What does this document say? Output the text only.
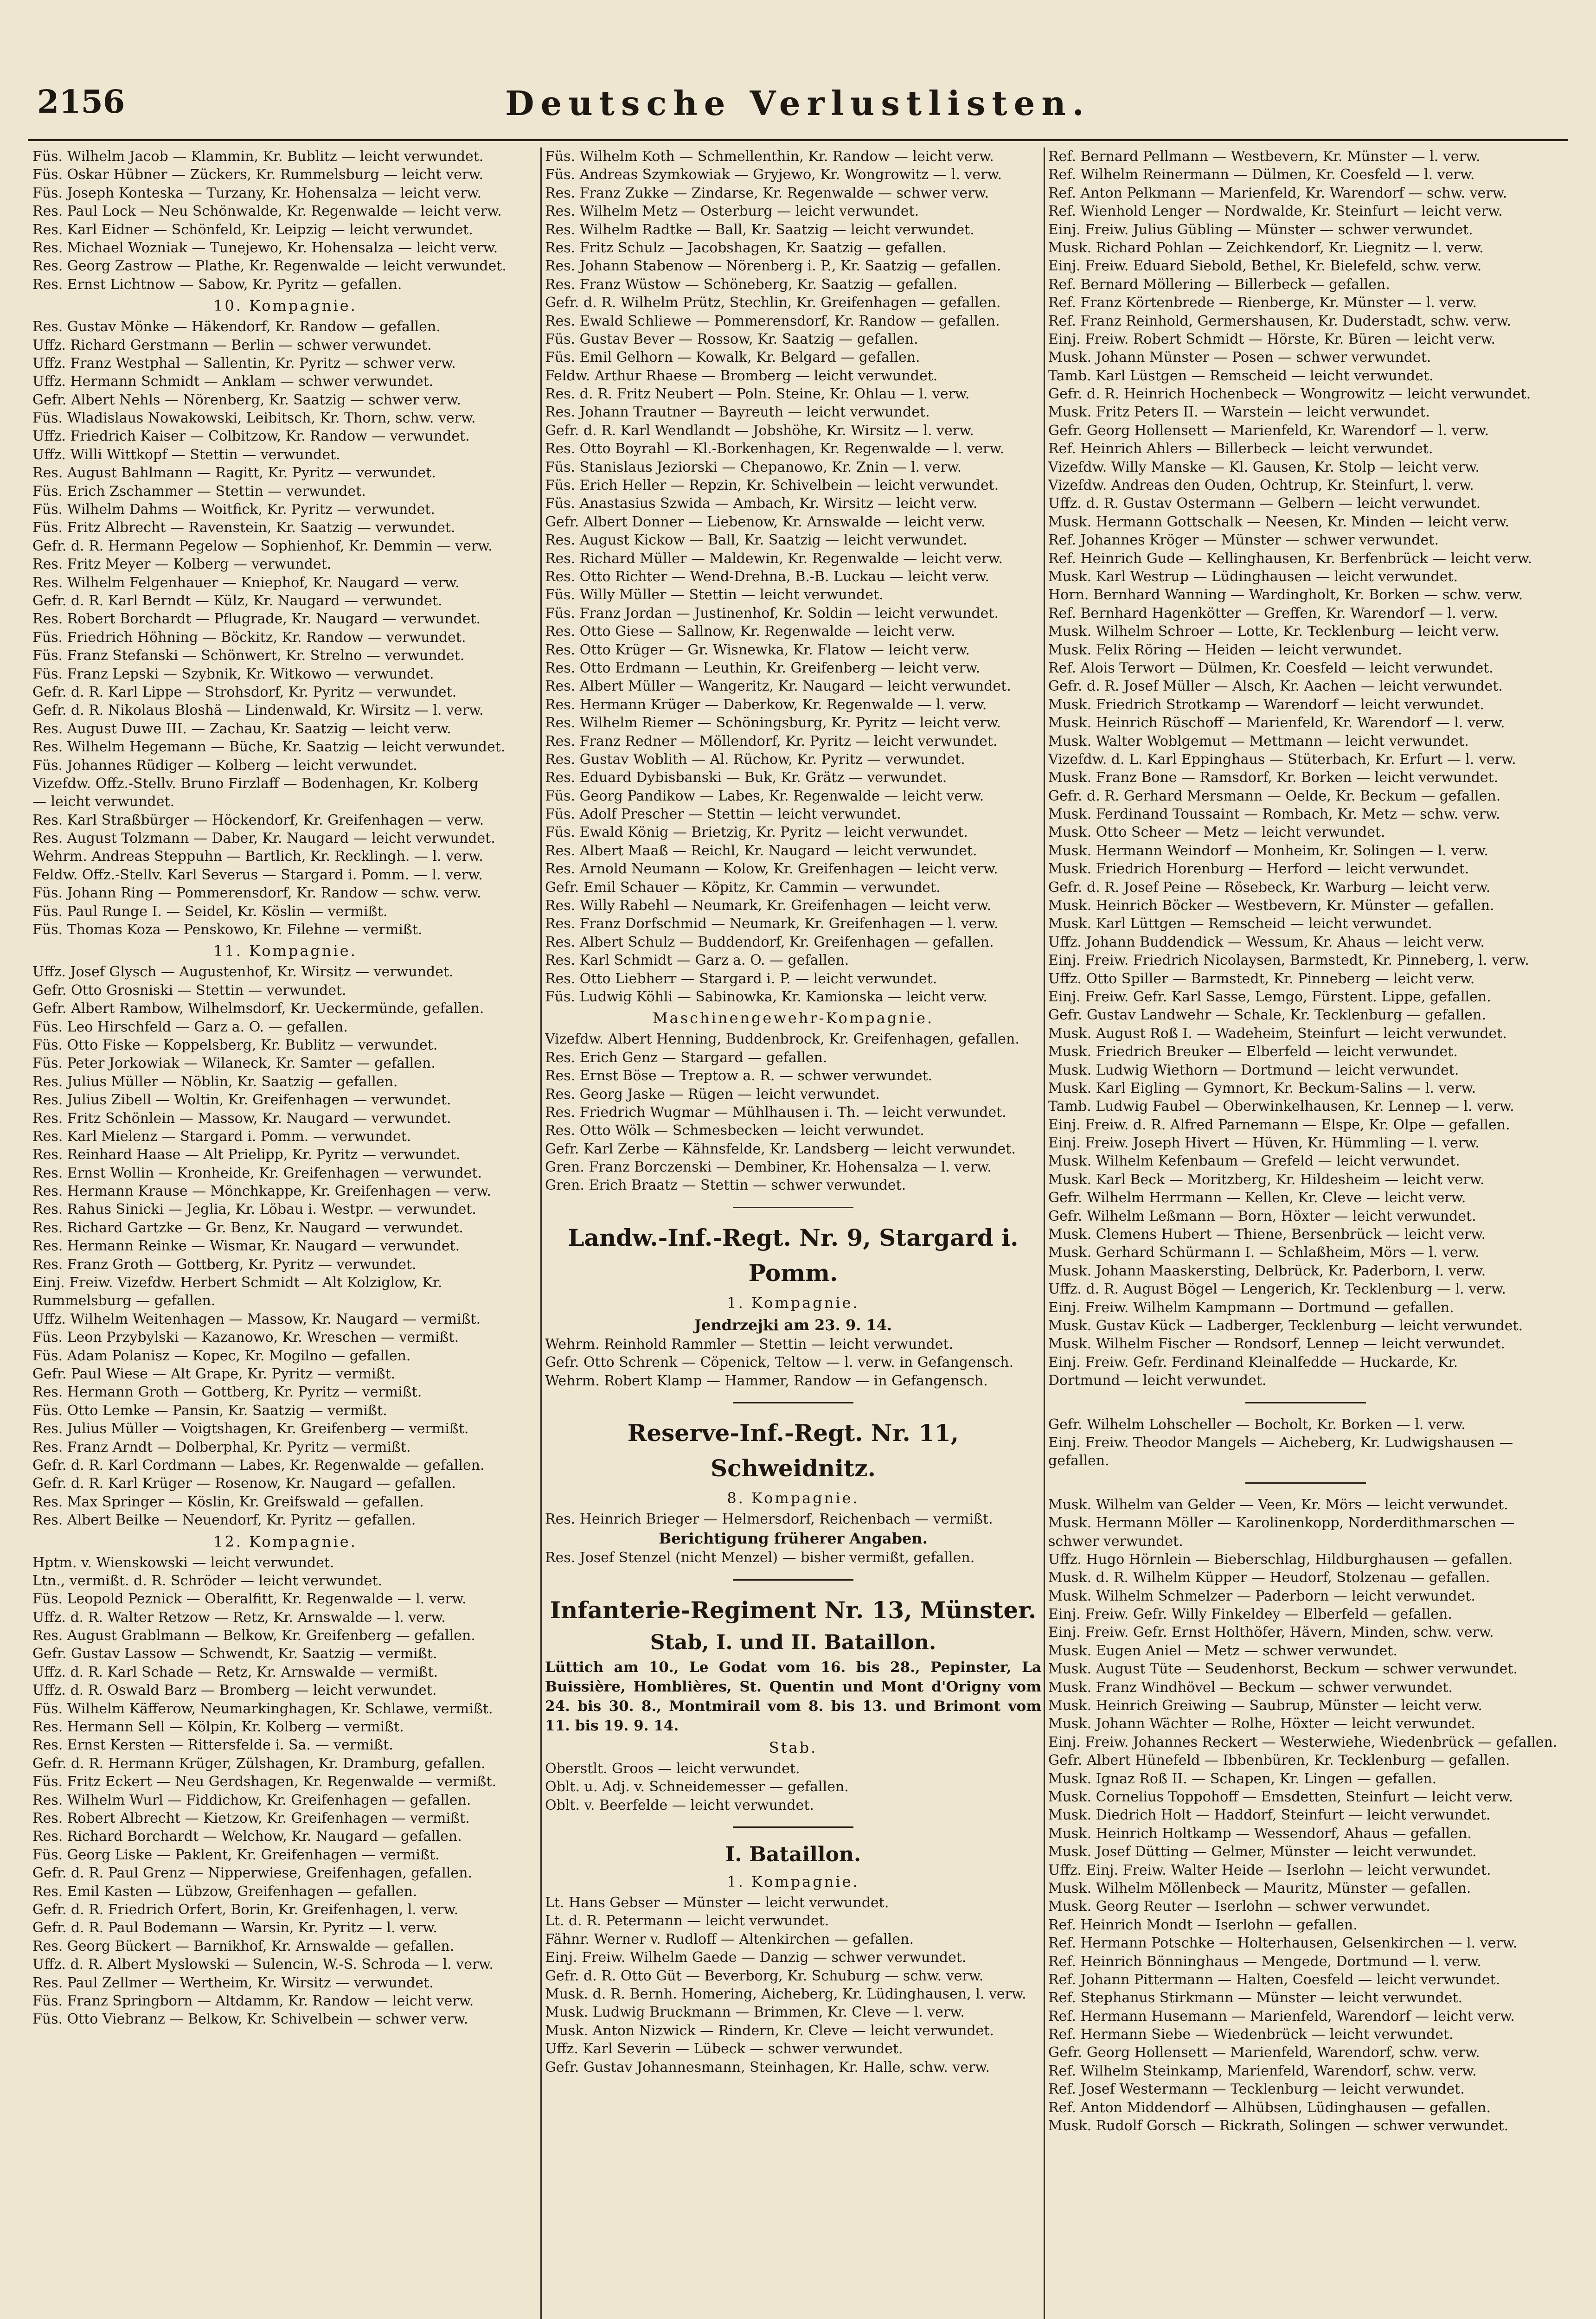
2156	Deutsche Verlustlisten.
Füs. Wilhelm Jacob — Klammin, Kr. Bublitz — leicht verwundet.
Füs. Oskar Hübner — Zückers, Kr. Rummelsburg — leicht verw.
Füs. Joseph Konteska — Turzany, Kr. Hohensalza — leicht verw.
Res. Paul Lock — Neu Schönwalde, Kr. Regenwalde — leicht verw.
Res. Karl Eidner — Schönfeld, Kr. Leipzig — leicht verwundet.
Res. Michael Wozniak — Tunejewo, Kr. Hohensalza — leicht verw.
Res. Georg Zastrow — Plathe, Kr. Regenwalde — leicht verwundet.
Res. Ernst Lichtnow — Sabow, Kr. Pyritz — gefallen.
10. Kompagnie.
Res. Gustav Mönke — Häkendorf, Kr. Randow — gefallen.
Uffz. Richard Gerstmann — Berlin — schwer verwundet.
Uffz. Franz Westphal — Sallentin, Kr. Pyritz — schwer verw.
Uffz. Hermann Schmidt — Anklam — schwer verwundet.
Gefr. Albert Nehls — Nörenberg, Kr. Saatzig — schwer verw.
Füs. Wladislaus Nowakowski, Leibitsch, Kr. Thorn, schw. verw.
Uffz. Friedrich Kaiser — Colbitzow, Kr. Randow — verwundet.
Uffz. Willi Wittkopf — Stettin — verwundet.
Res. August Bahlmann — Ragitt, Kr. Pyritz — verwundet.
Füs. Erich Zschammer — Stettin — verwundet.
Füs. Wilhelm Dahms — Woitfick, Kr. Pyritz — verwundet.
Füs. Fritz Albrecht — Ravenstein, Kr. Saatzig — verwundet.
Gefr. d. R. Hermann Pegelow — Sophienhof, Kr. Demmin — verw.
Res. Fritz Meyer — Kolberg — verwundet.
Res. Wilhelm Felgenhauer — Kniephof, Kr. Naugard — verw.
Gefr. d. R. Karl Berndt — Külz, Kr. Naugard — verwundet.
Res. Robert Borchardt — Pflugrade, Kr. Naugard — verwundet.
Füs. Friedrich Höhning — Böckitz, Kr. Randow — verwundet.
Füs. Franz Stefanski — Schönwert, Kr. Strelno — verwundet.
Füs. Franz Lepski — Szybnik, Kr. Witkowo — verwundet.
Gefr. d. R. Karl Lippe — Strohsdorf, Kr. Pyritz — verwundet.
Gefr. d. R. Nikolaus Bloshä — Lindenwald, Kr. Wirsitz — l. verw.
Res. August Duwe III. — Zachau, Kr. Saatzig — leicht verw.
Res. Wilhelm Hegemann — Büche, Kr. Saatzig — leicht verwundet.
Füs. Johannes Rüdiger — Kolberg — leicht verwundet.
Vizefdw. Offz.-Stellv. Bruno Firzlaff — Bodenhagen, Kr. Kolberg
— leicht verwundet.
Res. Karl Straßbürger — Höckendorf, Kr. Greifenhagen — verw.
Res. August Tolzmann — Daber, Kr. Naugard — leicht verwundet.
Wehrm. Andreas Steppuhn — Bartlich, Kr. Recklingh. — l. verw.
Feldw. Offz.-Stellv. Karl Severus — Stargard i. Pomm. — l. verw.
Füs. Johann Ring — Pommerensdorf, Kr. Randow — schw. verw.
Füs. Paul Runge I. — Seidel, Kr. Köslin — vermißt.
Füs. Thomas Koza — Penskowo, Kr. Filehne — vermißt.
11. Kompagnie.
Uffz. Josef Glysch — Augustenhof, Kr. Wirsitz — verwundet.
Gefr. Otto Grosniski — Stettin — verwundet.
Gefr. Albert Rambow, Wilhelmsdorf, Kr. Ueckermünde, gefallen.
Füs. Leo Hirschfeld — Garz a. O. — gefallen.
Füs. Otto Fiske — Koppelsberg, Kr. Bublitz — verwundet.
Füs. Peter Jorkowiak — Wilaneck, Kr. Samter — gefallen.
Res. Julius Müller — Nöblin, Kr. Saatzig — gefallen.
Res. Julius Zibell — Woltin, Kr. Greifenhagen — verwundet.
Res. Fritz Schönlein — Massow, Kr. Naugard — verwundet.
Res. Karl Mielenz — Stargard i. Pomm. — verwundet.
Res. Reinhard Haase — Alt Prielipp, Kr. Pyritz — verwundet.
Res. Ernst Wollin — Kronheide, Kr. Greifenhagen — verwundet.
Res. Hermann Krause — Mönchkappe, Kr. Greifenhagen — verw.
Res. Rahus Sinicki — Jeglia, Kr. Löbau i. Westpr. — verwundet.
Res. Richard Gartzke — Gr. Benz, Kr. Naugard — verwundet.
Res. Hermann Reinke — Wismar, Kr. Naugard — verwundet.
Res. Franz Groth — Gottberg, Kr. Pyritz — verwundet.
Einj. Freiw. Vizefdw. Herbert Schmidt — Alt Kolziglow, Kr.
Rummelsburg — gefallen.
Uffz. Wilhelm Weitenhagen — Massow, Kr. Naugard — vermißt.
Füs. Leon Przybylski — Kazanowo, Kr. Wreschen — vermißt.
Füs. Adam Polanisz — Kopec, Kr. Mogilno — gefallen.
Gefr. Paul Wiese — Alt Grape, Kr. Pyritz — vermißt.
Res. Hermann Groth — Gottberg, Kr. Pyritz — vermißt.
Füs. Otto Lemke — Pansin, Kr. Saatzig — vermißt.
Res. Julius Müller — Voigtshagen, Kr. Greifenberg — vermißt.
Res. Franz Arndt — Dolberphal, Kr. Pyritz — vermißt.
Gefr. d. R. Karl Cordmann — Labes, Kr. Regenwalde — gefallen.
Gefr. d. R. Karl Krüger — Rosenow, Kr. Naugard — gefallen.
Res. Max Springer — Köslin, Kr. Greifswald — gefallen.
Res. Albert Beilke — Neuendorf, Kr. Pyritz — gefallen.
12. Kompagnie.
Hptm. v. Wienskowski — leicht verwundet.
Ltn., vermißt. d. R. Schröder — leicht verwundet.
Füs. Leopold Peznick — Oberalfitt, Kr. Regenwalde — l. verw.
Uffz. d. R. Walter Retzow — Retz, Kr. Arnswalde — l. verw.
Res. August Grablmann — Belkow, Kr. Greifenberg — gefallen.
Gefr. Gustav Lassow — Schwendt, Kr. Saatzig — vermißt.
Uffz. d. R. Karl Schade — Retz, Kr. Arnswalde — vermißt.
Uffz. d. R. Oswald Barz — Bromberg — leicht verwundet.
Füs. Wilhelm Käfferow, Neumarkinghagen, Kr. Schlawe, vermißt.
Res. Hermann Sell — Kölpin, Kr. Kolberg — vermißt.
Res. Ernst Kersten — Rittersfelde i. Sa. — vermißt.
Gefr. d. R. Hermann Krüger, Zülshagen, Kr. Dramburg, gefallen.
Füs. Fritz Eckert — Neu Gerdshagen, Kr. Regenwalde — vermißt.
Res. Wilhelm Wurl — Fiddichow, Kr. Greifenhagen — gefallen.
Res. Robert Albrecht — Kietzow, Kr. Greifenhagen — vermißt.
Res. Richard Borchardt — Welchow, Kr. Naugard — gefallen.
Füs. Georg Liske — Paklent, Kr. Greifenhagen — vermißt.
Gefr. d. R. Paul Grenz — Nipperwiese, Greifenhagen, gefallen.
Res. Emil Kasten — Lübzow, Greifenhagen — gefallen.
Gefr. d. R. Friedrich Orfert, Borin, Kr. Greifenhagen, l. verw.
Gefr. d. R. Paul Bodemann — Warsin, Kr. Pyritz — l. verw.
Res. Georg Bückert — Barnikhof, Kr. Arnswalde — gefallen.
Uffz. d. R. Albert Myslowski — Sulencin, W.-S. Schroda — l. verw.
Res. Paul Zellmer — Wertheim, Kr. Wirsitz — verwundet.
Füs. Franz Springborn — Altdamm, Kr. Randow — leicht verw.
Füs. Otto Viebranz — Belkow, Kr. Schivelbein — schwer verw.
Füs. Wilhelm Koth — Schmellenthin, Kr. Randow — leicht verw.
Füs. Andreas Szymkowiak — Gryjewo, Kr. Wongrowitz — l. verw.
Res. Franz Zukke — Zindarse, Kr. Regenwalde — schwer verw.
Res. Wilhelm Metz — Osterburg — leicht verwundet.
Res. Wilhelm Radtke — Ball, Kr. Saatzig — leicht verwundet.
Res. Fritz Schulz — Jacobshagen, Kr. Saatzig — gefallen.
Res. Johann Stabenow — Nörenberg i. P., Kr. Saatzig — gefallen.
Res. Franz Wüstow — Schöneberg, Kr. Saatzig — gefallen.
Gefr. d. R. Wilhelm Prütz, Stechlin, Kr. Greifenhagen — gefallen.
Res. Ewald Schliewe — Pommerensdorf, Kr. Randow — gefallen.
Füs. Gustav Bever — Rossow, Kr. Saatzig — gefallen.
Füs. Emil Gelhorn — Kowalk, Kr. Belgard — gefallen.
Feldw. Arthur Rhaese — Bromberg — leicht verwundet.
Res. d. R. Fritz Neubert — Poln. Steine, Kr. Ohlau — l. verw.
Res. Johann Trautner — Bayreuth — leicht verwundet.
Gefr. d. R. Karl Wendlandt — Jobshöhe, Kr. Wirsitz — l. verw.
Res. Otto Boyrahl — Kl.-Borkenhagen, Kr. Regenwalde — l. verw.
Füs. Stanislaus Jeziorski — Chepanowo, Kr. Znin — l. verw.
Füs. Erich Heller — Repzin, Kr. Schivelbein — leicht verwundet.
Füs. Anastasius Szwida — Ambach, Kr. Wirsitz — leicht verw.
Gefr. Albert Donner — Liebenow, Kr. Arnswalde — leicht verw.
Res. August Kickow — Ball, Kr. Saatzig — leicht verwundet.
Res. Richard Müller — Maldewin, Kr. Regenwalde — leicht verw.
Res. Otto Richter — Wend-Drehna, B.-B. Luckau — leicht verw.
Füs. Willy Müller — Stettin — leicht verwundet.
Füs. Franz Jordan — Justinenhof, Kr. Soldin — leicht verwundet.
Res. Otto Giese — Sallnow, Kr. Regenwalde — leicht verw.
Res. Otto Krüger — Gr. Wisnewka, Kr. Flatow — leicht verw.
Res. Otto Erdmann — Leuthin, Kr. Greifenberg — leicht verw.
Res. Albert Müller — Wangeritz, Kr. Naugard — leicht verwundet.
Res. Hermann Krüger — Daberkow, Kr. Regenwalde — l. verw.
Res. Wilhelm Riemer — Schöningsburg, Kr. Pyritz — leicht verw.
Res. Franz Redner — Möllendorf, Kr. Pyritz — leicht verwundet.
Res. Gustav Woblith — Al. Rüchow, Kr. Pyritz — verwundet.
Res. Eduard Dybisbanski — Buk, Kr. Grätz — verwundet.
Füs. Georg Pandikow — Labes, Kr. Regenwalde — leicht verw.
Füs. Adolf Prescher — Stettin — leicht verwundet.
Füs. Ewald König — Brietzig, Kr. Pyritz — leicht verwundet.
Res. Albert Maaß — Reichl, Kr. Naugard — leicht verwundet.
Res. Arnold Neumann — Kolow, Kr. Greifenhagen — leicht verw.
Gefr. Emil Schauer — Köpitz, Kr. Cammin — verwundet.
Res. Willy Rabehl — Neumark, Kr. Greifenhagen — leicht verw.
Res. Franz Dorfschmid — Neumark, Kr. Greifenhagen — l. verw.
Res. Albert Schulz — Buddendorf, Kr. Greifenhagen — gefallen.
Res. Karl Schmidt — Garz a. O. — gefallen.
Res. Otto Liebherr — Stargard i. P. — leicht verwundet.
Füs. Ludwig Köhli — Sabinowka, Kr. Kamionska — leicht verw.
Maschinengewehr-Kompagnie.
Vizefdw. Albert Henning, Buddenbrock, Kr. Greifenhagen, gefallen.
Res. Erich Genz — Stargard — gefallen.
Res. Ernst Böse — Treptow a. R. — schwer verwundet.
Res. Georg Jaske — Rügen — leicht verwundet.
Res. Friedrich Wugmar — Mühlhausen i. Th. — leicht verwundet.
Res. Otto Wölk — Schmesbecken — leicht verwundet.
Gefr. Karl Zerbe — Kähnsfelde, Kr. Landsberg — leicht verwundet.
Gren. Franz Borczenski — Dembiner, Kr. Hohensalza — l. verw.
Gren. Erich Braatz — Stettin — schwer verwundet.
Landw.-Inf.-Regt. Nr. 9, Stargard i. Pomm.
1. Kompagnie.
Jendrzejki am 23. 9. 14.
Wehrm. Reinhold Rammler — Stettin — leicht verwundet.
Gefr. Otto Schrenk — Cöpenick, Teltow — l. verw. in Gefangensch.
Wehrm. Robert Klamp — Hammer, Randow — in Gefangensch.
Reserve-Inf.-Regt. Nr. 11, Schweidnitz.
8. Kompagnie.
Res. Heinrich Brieger — Helmersdorf, Reichenbach — vermißt.
Berichtigung früherer Angaben.
Res. Josef Stenzel (nicht Menzel) — bisher vermißt, gefallen.
Infanterie-Regiment Nr. 13, Münster.
Stab, I. und II. Bataillon.
Lüttich am 10., Le Godat vom 16. bis 28., Pepinster, La Buissière, Homblières, St. Quentin und Mont d'Origny vom 24. bis 30. 8., Montmirail vom 8. bis 13. und Brimont vom 11. bis 19. 9. 14.
Stab.
Oberstlt. Groos — leicht verwundet.
Oblt. u. Adj. v. Schneidemesser — gefallen.
Oblt. v. Beerfelde — leicht verwundet.
I. Bataillon.
1. Kompagnie.
Lt. Hans Gebser — Münster — leicht verwundet.
Lt. d. R. Petermann — leicht verwundet.
Fähnr. Werner v. Rudloff — Altenkirchen — gefallen.
Einj. Freiw. Wilhelm Gaede — Danzig — schwer verwundet.
Gefr. d. R. Otto Güt — Beverborg, Kr. Schuburg — schw. verw.
Musk. d. R. Bernh. Homering, Aicheberg, Kr. Lüdinghausen, l. verw.
Musk. Ludwig Bruckmann — Brimmen, Kr. Cleve — l. verw.
Musk. Anton Nizwick — Rindern, Kr. Cleve — leicht verwundet.
Uffz. Karl Severin — Lübeck — schwer verwundet.
Gefr. Gustav Johannesmann, Steinhagen, Kr. Halle, schw. verw.
Ref. Bernard Pellmann — Westbevern, Kr. Münster — l. verw.
Ref. Wilhelm Reinermann — Dülmen, Kr. Coesfeld — l. verw.
Ref. Anton Pelkmann — Marienfeld, Kr. Warendorf — schw. verw.
Ref. Wienhold Lenger — Nordwalde, Kr. Steinfurt — leicht verw.
Einj. Freiw. Julius Gübling — Münster — schwer verwundet.
Musk. Richard Pohlan — Zeichkendorf, Kr. Liegnitz — l. verw.
Einj. Freiw. Eduard Siebold, Bethel, Kr. Bielefeld, schw. verw.
Ref. Bernard Möllering — Billerbeck — gefallen.
Ref. Franz Körtenbrede — Rienberge, Kr. Münster — l. verw.
Ref. Franz Reinhold, Germershausen, Kr. Duderstadt, schw. verw.
Einj. Freiw. Robert Schmidt — Hörste, Kr. Büren — leicht verw.
Musk. Johann Münster — Posen — schwer verwundet.
Tamb. Karl Lüstgen — Remscheid — leicht verwundet.
Gefr. d. R. Heinrich Hochenbeck — Wongrowitz — leicht verwundet.
Musk. Fritz Peters II. — Warstein — leicht verwundet.
Gefr. Georg Hollensett — Marienfeld, Kr. Warendorf — l. verw.
Ref. Heinrich Ahlers — Billerbeck — leicht verwundet.
Vizefdw. Willy Manske — Kl. Gausen, Kr. Stolp — leicht verw.
Vizefdw. Andreas den Ouden, Ochtrup, Kr. Steinfurt, l. verw.
Uffz. d. R. Gustav Ostermann — Gelbern — leicht verwundet.
Musk. Hermann Gottschalk — Neesen, Kr. Minden — leicht verw.
Ref. Johannes Kröger — Münster — schwer verwundet.
Ref. Heinrich Gude — Kellinghausen, Kr. Berfenbrück — leicht verw.
Musk. Karl Westrup — Lüdinghausen — leicht verwundet.
Horn. Bernhard Wanning — Wardingholt, Kr. Borken — schw. verw.
Ref. Bernhard Hagenkötter — Greffen, Kr. Warendorf — l. verw.
Musk. Wilhelm Schroer — Lotte, Kr. Tecklenburg — leicht verw.
Musk. Felix Röring — Heiden — leicht verwundet.
Ref. Alois Terwort — Dülmen, Kr. Coesfeld — leicht verwundet.
Gefr. d. R. Josef Müller — Alsch, Kr. Aachen — leicht verwundet.
Musk. Friedrich Strotkamp — Warendorf — leicht verwundet.
Musk. Heinrich Rüschoff — Marienfeld, Kr. Warendorf — l. verw.
Musk. Walter Woblgemut — Mettmann — leicht verwundet.
Vizefdw. d. L. Karl Eppinghaus — Stüterbach, Kr. Erfurt — l. verw.
Musk. Franz Bone — Ramsdorf, Kr. Borken — leicht verwundet.
Gefr. d. R. Gerhard Mersmann — Oelde, Kr. Beckum — gefallen.
Musk. Ferdinand Toussaint — Rombach, Kr. Metz — schw. verw.
Musk. Otto Scheer — Metz — leicht verwundet.
Musk. Hermann Weindorf — Monheim, Kr. Solingen — l. verw.
Musk. Friedrich Horenburg — Herford — leicht verwundet.
Gefr. d. R. Josef Peine — Rösebeck, Kr. Warburg — leicht verw.
Musk. Heinrich Böcker — Westbevern, Kr. Münster — gefallen.
Musk. Karl Lüttgen — Remscheid — leicht verwundet.
Uffz. Johann Buddendick — Wessum, Kr. Ahaus — leicht verw.
Einj. Freiw. Friedrich Nicolaysen, Barmstedt, Kr. Pinneberg, l. verw.
Uffz. Otto Spiller — Barmstedt, Kr. Pinneberg — leicht verw.
Einj. Freiw. Gefr. Karl Sasse, Lemgo, Fürstent. Lippe, gefallen.
Gefr. Gustav Landwehr — Schale, Kr. Tecklenburg — gefallen.
Musk. August Roß I. — Wadeheim, Steinfurt — leicht verwundet.
Musk. Friedrich Breuker — Elberfeld — leicht verwundet.
Musk. Ludwig Wiethorn — Dortmund — leicht verwundet.
Musk. Karl Eigling — Gymnort, Kr. Beckum-Salins — l. verw.
Tamb. Ludwig Faubel — Oberwinkelhausen, Kr. Lennep — l. verw.
Einj. Freiw. d. R. Alfred Parnemann — Elspe, Kr. Olpe — gefallen.
Einj. Freiw. Joseph Hivert — Hüven, Kr. Hümmling — l. verw.
Musk. Wilhelm Kefenbaum — Grefeld — leicht verwundet.
Musk. Karl Beck — Moritzberg, Kr. Hildesheim — leicht verw.
Gefr. Wilhelm Herrmann — Kellen, Kr. Cleve — leicht verw.
Gefr. Wilhelm Leßmann — Born, Höxter — leicht verwundet.
Musk. Clemens Hubert — Thiene, Bersenbrück — leicht verw.
Musk. Gerhard Schürmann I. — Schlaßheim, Mörs — l. verw.
Musk. Johann Maaskersting, Delbrück, Kr. Paderborn, l. verw.
Uffz. d. R. August Bögel — Lengerich, Kr. Tecklenburg — l. verw.
Einj. Freiw. Wilhelm Kampmann — Dortmund — gefallen.
Musk. Gustav Kück — Ladberger, Tecklenburg — leicht verwundet.
Musk. Wilhelm Fischer — Rondsorf, Lennep — leicht verwundet.
Einj. Freiw. Gefr. Ferdinand Kleinalfedde — Huckarde, Kr.
Dortmund — leicht verwundet.
Gefr. Wilhelm Lohscheller — Bocholt, Kr. Borken — l. verw.
Einj. Freiw. Theodor Mangels — Aicheberg, Kr. Ludwigshausen —
gefallen.
Musk. Wilhelm van Gelder — Veen, Kr. Mörs — leicht verwundet.
Musk. Hermann Möller — Karolinenkopp, Norderdithmarschen —
schwer verwundet.
Uffz. Hugo Hörnlein — Bieberschlag, Hildburghausen — gefallen.
Musk. d. R. Wilhelm Küpper — Heudorf, Stolzenau — gefallen.
Musk. Wilhelm Schmelzer — Paderborn — leicht verwundet.
Einj. Freiw. Gefr. Willy Finkeldey — Elberfeld — gefallen.
Einj. Freiw. Gefr. Ernst Holthöfer, Hävern, Minden, schw. verw.
Musk. Eugen Aniel — Metz — schwer verwundet.
Musk. August Tüte — Seudenhorst, Beckum — schwer verwundet.
Musk. Franz Windhövel — Beckum — schwer verwundet.
Musk. Heinrich Greiwing — Saubrup, Münster — leicht verw.
Musk. Johann Wächter — Rolhe, Höxter — leicht verwundet.
Einj. Freiw. Johannes Reckert — Westerwiehe, Wiedenbrück — gefallen.
Gefr. Albert Hünefeld — Ibbenbüren, Kr. Tecklenburg — gefallen.
Musk. Ignaz Roß II. — Schapen, Kr. Lingen — gefallen.
Musk. Cornelius Toppohoff — Emsdetten, Steinfurt — leicht verw.
Musk. Diedrich Holt — Haddorf, Steinfurt — leicht verwundet.
Musk. Heinrich Holtkamp — Wessendorf, Ahaus — gefallen.
Musk. Josef Dütting — Gelmer, Münster — leicht verwundet.
Uffz. Einj. Freiw. Walter Heide — Iserlohn — leicht verwundet.
Musk. Wilhelm Möllenbeck — Mauritz, Münster — gefallen.
Musk. Georg Reuter — Iserlohn — schwer verwundet.
Ref. Heinrich Mondt — Iserlohn — gefallen.
Ref. Hermann Potschke — Holterhausen, Gelsenkirchen — l. verw.
Ref. Heinrich Bönninghaus — Mengede, Dortmund — l. verw.
Ref. Johann Pittermann — Halten, Coesfeld — leicht verwundet.
Ref. Stephanus Stirkmann — Münster — leicht verwundet.
Ref. Hermann Husemann — Marienfeld, Warendorf — leicht verw.
Ref. Hermann Siebe — Wiedenbrück — leicht verwundet.
Gefr. Georg Hollensett — Marienfeld, Warendorf, schw. verw.
Ref. Wilhelm Steinkamp, Marienfeld, Warendorf, schw. verw.
Ref. Josef Westermann — Tecklenburg — leicht verwundet.
Ref. Anton Middendorf — Alhübsen, Lüdinghausen — gefallen.
Musk. Rudolf Gorsch — Rickrath, Solingen — schwer verwundet.
